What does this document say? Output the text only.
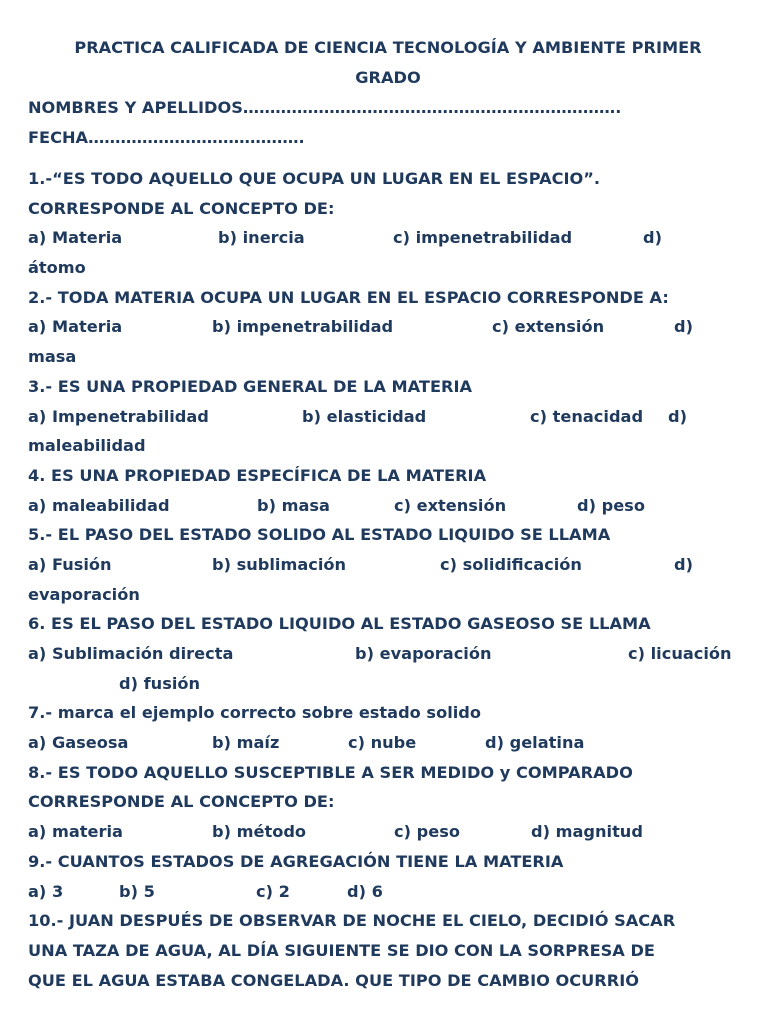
PRACTICA CALIFICADA DE CIENCIA TECNOLOGÍA Y AMBIENTE PRIMER
GRADO
NOMBRES Y APELLIDOS…………………………………………………………….
FECHA………………………………….
1.-“ES TODO AQUELLO QUE OCUPA UN LUGAR EN EL ESPACIO”.
CORRESPONDE AL CONCEPTO DE:
a) Materia	b) inercia	c) impenetrabilidad	d)
átomo
2.- TODA MATERIA OCUPA UN LUGAR EN EL ESPACIO CORRESPONDE A:
a) Materia	b) impenetrabilidad	c) extensión	d)
masa
3.- ES UNA PROPIEDAD GENERAL DE LA MATERIA
a) Impenetrabilidad	b) elasticidad	c) tenacidad	d)
maleabilidad
4. ES UNA PROPIEDAD ESPECÍFICA DE LA MATERIA
a) maleabilidad	b) masa	c) extensión	d) peso
5.- EL PASO DEL ESTADO SOLIDO AL ESTADO LIQUIDO SE LLAMA
a) Fusión	b) sublimación	c) solidificación	d)
evaporación
6. ES EL PASO DEL ESTADO LIQUIDO AL ESTADO GASEOSO SE LLAMA
a) Sublimación directa	b) evaporación	c) licuación
d) fusión
7.- marca el ejemplo correcto sobre estado solido
a) Gaseosa	b) maíz	c) nube	d) gelatina
8.- ES TODO AQUELLO SUSCEPTIBLE A SER MEDIDO y COMPARADO
CORRESPONDE AL CONCEPTO DE:
a) materia	b) método	c) peso	d) magnitud
9.- CUANTOS ESTADOS DE AGREGACIÓN TIENE LA MATERIA
a) 3	b) 5	c) 2	d) 6
10.- JUAN DESPUÉS DE OBSERVAR DE NOCHE EL CIELO, DECIDIÓ SACAR
UNA TAZA DE AGUA, AL DÍA SIGUIENTE SE DIO CON LA SORPRESA DE
QUE EL AGUA ESTABA CONGELADA. QUE TIPO DE CAMBIO OCURRIÓ
